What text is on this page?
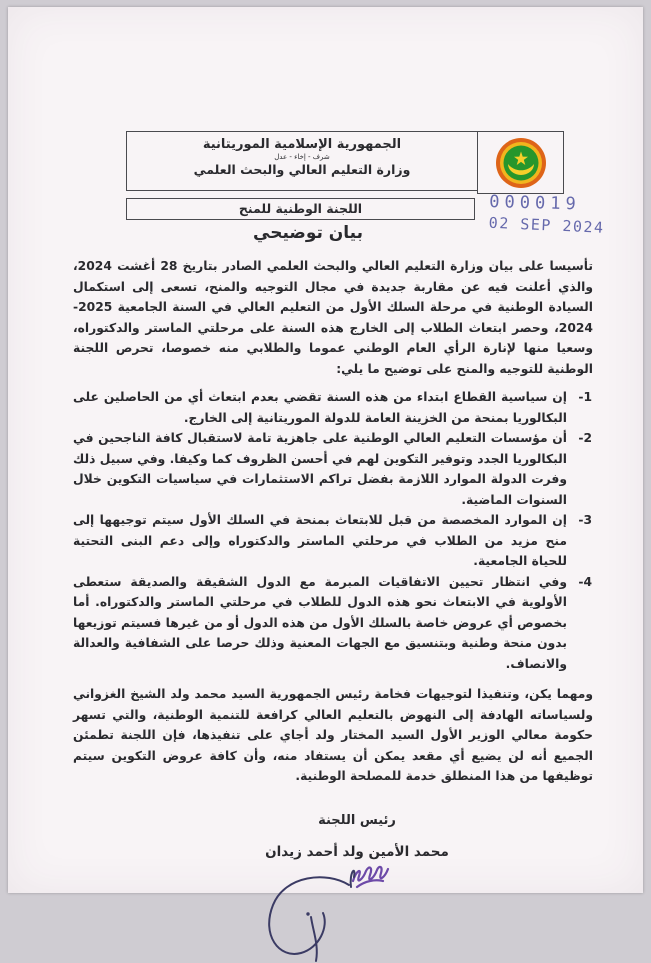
الجمهورية الإسلامية الموريتانية
شرف - إخاء - عدل
وزارة التعليم العالي والبحث العلمي
اللجنة الوطنية للمنح	000019
02 SEP 2024
بيان توضيحي

تأسيسا على بيان وزارة التعليم العالي والبحث العلمي الصادر بتاريخ 28 أغشت 2024، والذي أعلنت فيه عن مقاربة جديدة في مجال التوجيه والمنح، تسعى إلى استكمال السيادة الوطنية في مرحلة السلك الأول من التعليم العالي في السنة الجامعية 2025-2024، وحصر ابتعاث الطلاب إلى الخارج هذه السنة على مرحلتي الماستر والدكتوراه، وسعيا منها لإنارة الرأي العام الوطني عموما والطلابي منه خصوصا، تحرص اللجنة الوطنية للتوجيه والمنح على توضيح ما يلي:

1-
إن سياسية القطاع ابتداء من هذه السنة تقضي بعدم ابتعاث أي من الحاصلين على البكالوريا بمنحة من الخزينة العامة للدولة الموريتانية إلى الخارج.
2-
أن مؤسسات التعليم العالي الوطنية على جاهزية تامة لاستقبال كافة الناجحين في البكالوريا الجدد وتوفير التكوين لهم في أحسن الظروف كما وكيفا. وفي سبيل ذلك وفرت الدولة الموارد اللازمة بفضل تراكم الاستثمارات في سياسيات التكوين خلال السنوات الماضية.
3-
إن الموارد المخصصة من قبل للابتعاث بمنحة في السلك الأول سيتم توجيهها إلى منح مزيد من الطلاب في مرحلتي الماستر والدكتوراه وإلى دعم البنى التحتية للحياة الجامعية.
4-
وفي انتظار تحيين الاتفاقيات المبرمة مع الدول الشقيقة والصديقة ستعطى الأولوية في الابتعاث نحو هذه الدول للطلاب في مرحلتي الماستر والدكتوراه. أما بخصوص أي عروض خاصة بالسلك الأول من هذه الدول أو من غيرها فسيتم توزيعها بدون منحة وطنية وبتنسيق مع الجهات المعنية وذلك حرصا على الشفافية والعدالة والانصاف.

ومهما يكن، وتنفيذا لتوجيهات فخامة رئيس الجمهورية السيد محمد ولد الشيخ الغزواني ولسياساته الهادفة إلى النهوض بالتعليم العالي كرافعة للتنمية الوطنية، والتي تسهر حكومة معالي الوزير الأول السيد المختار ولد أجاي على تنفيذها، فإن اللجنة تطمئن الجميع أنه لن يضيع أي مقعد يمكن أن يستفاد منه، وأن كافة عروض التكوين سيتم توظيفها من هذا المنطلق خدمة للمصلحة الوطنية.

رئيس اللجنة
محمد الأمين ولد أحمد زيدان
